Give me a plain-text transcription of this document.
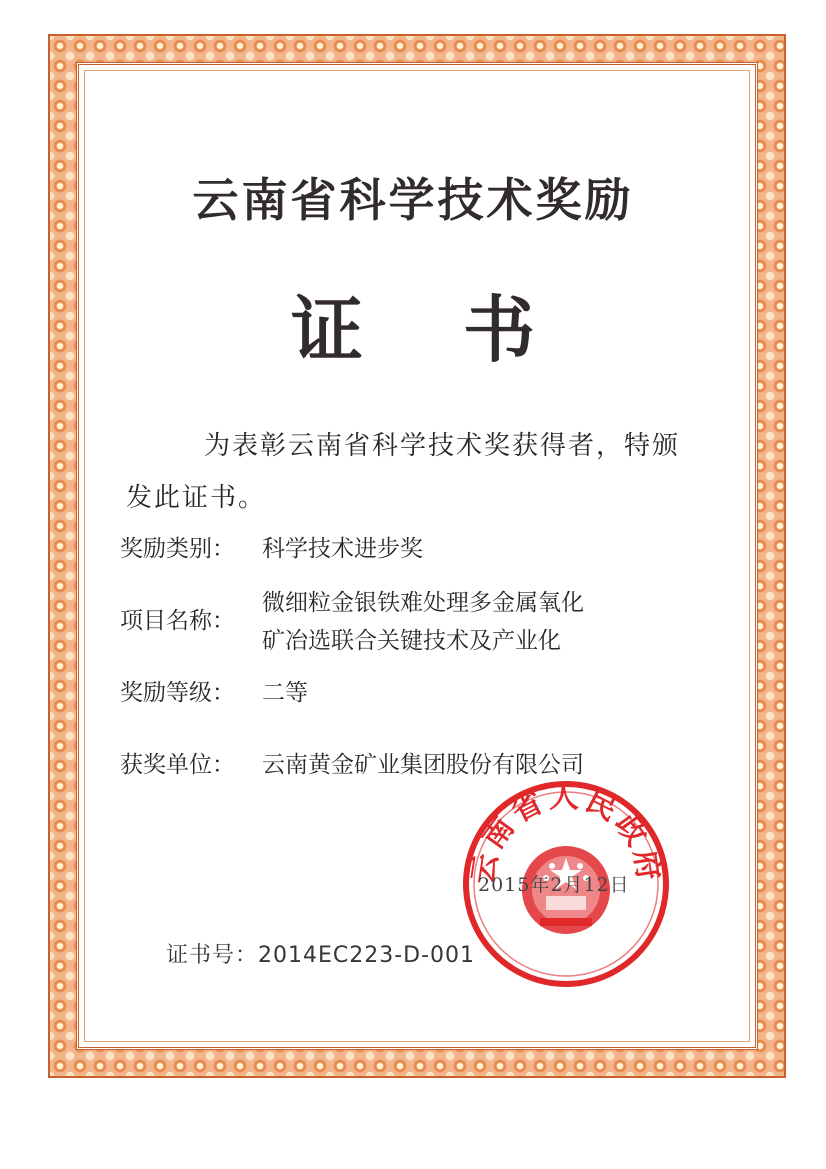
云南省科学技术奖励
证书

为表彰云南省科学技术奖获得者，特颁发此证书。

奖励类别：	科学技术进步奖
项目名称：
微细粒金银铁难处理多金属氧化
矿冶选联合关键技术及产业化
奖励等级：	二等
获奖单位：	云南黄金矿业集团股份有限公司
云南省人民政府
2015年2月12日
证书号：2014EC223-D-001
